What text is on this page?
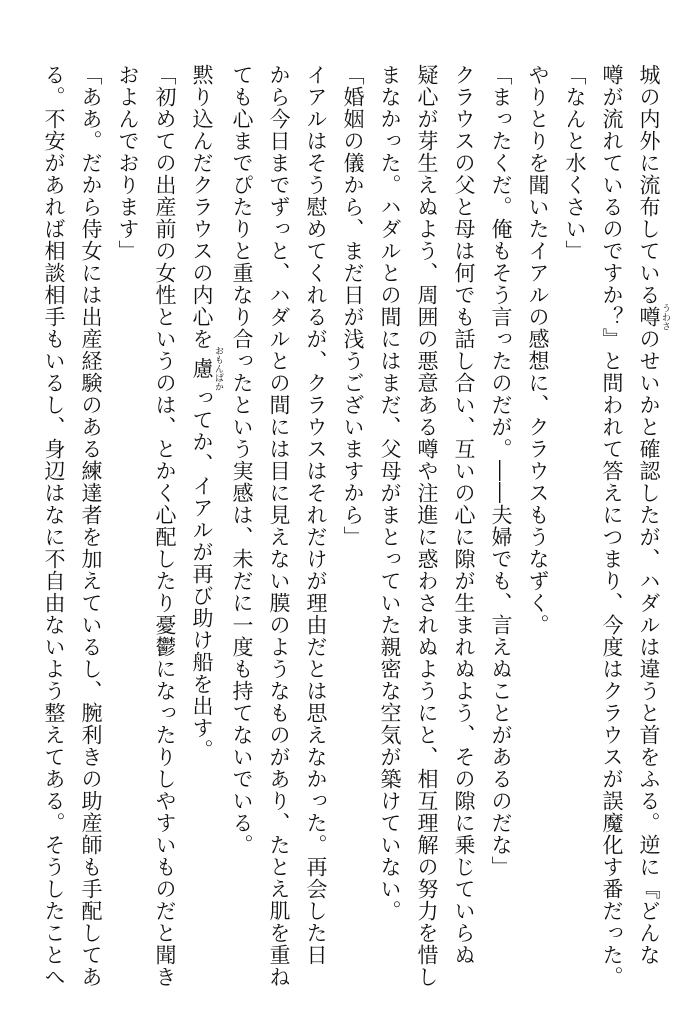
城の内外に流布している噂 うわさのせいかと確認したが、ハダルは違うと首をふる。逆に『どんな
噂が流れているのですか？』と問われて答えにつまり、今度はクラウスが誤魔化す番だった。
「なんと水くさい」
やりとりを聞いたイアルの感想に、クラウスもうなずく。
「まったくだ。俺もそう言ったのだが。――夫婦でも、言えぬことがあるのだな」
クラウスの父と母は何でも話し合い、互いの心に隙が生まれぬよう、その隙に乗じていらぬ
疑心が芽生えぬよう、周囲の悪意ある噂や注進に惑わされぬようにと、相互理解の努力を惜し
まなかった。ハダルとの間にはまだ、父母がまとっていた親密な空気が築けていない。
「婚姻の儀から、まだ日が浅うございますから」
イアルはそう慰めてくれるが、クラウスはそれだけが理由だとは思えなかった。再会した日
から今日までずっと、ハダルとの間には目に見えない膜のようなものがあり、たとえ肌を重ね
ても心までぴたりと重なり合ったという実感は、未だに一度も持てないでいる。
黙り込んだクラウスの内心を慮 おもんぱかってか、イアルが再び助け船を出す。
「初めての出産前の女性というのは、とかく心配したり憂鬱になったりしやすいものだと聞き
およんでおります」
「ああ。だから侍女には出産経験のある練達者を加えているし、腕利きの助産師も手配してあ
る。不安があれば相談相手もいるし、身辺はなに不自由ないよう整えてある。そうしたことへ
